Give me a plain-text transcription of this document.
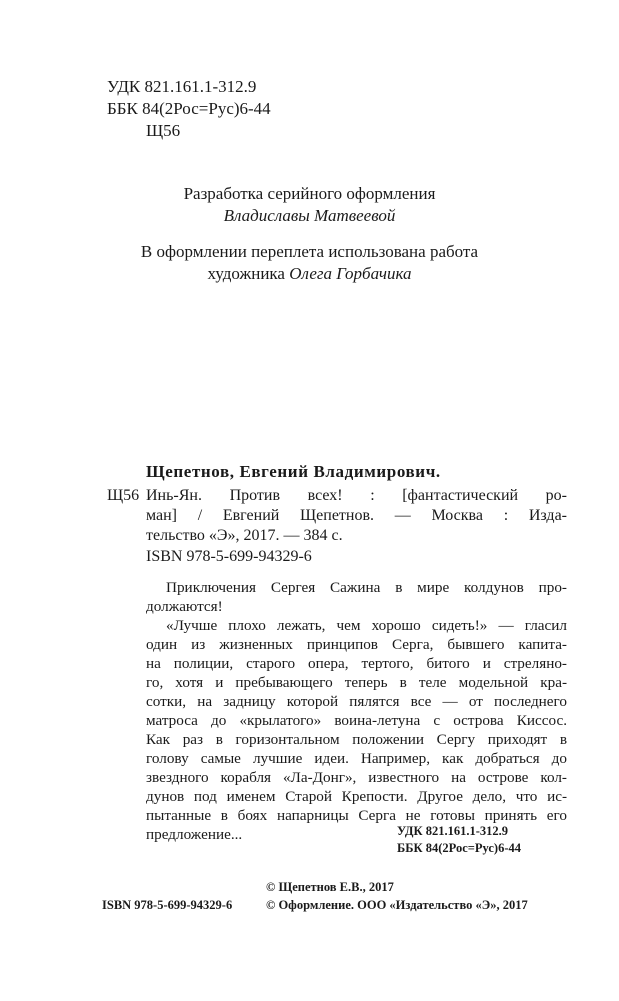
УДК 821.161.1-312.9
ББК 84(2Рос=Рус)6-44
Щ56
Разработка серийного оформления
Владиславы Матвеевой
В оформлении переплета использована работа
художника Олега Горбачика
Щепетнов, Евгений Владимирович.
Щ56 Инь-Ян. Против всех! : [фантастический ро-
ман] / Евгений Щепетнов. — Москва : Изда-
тельство «Э», 2017. — 384 с.
ISBN 978-5-699-94329-6
Приключения Сергея Сажина в мире колдунов про-
должаются!
«Лучше плохо лежать, чем хорошо сидеть!» — гласил
один из жизненных принципов Серга, бывшего капита-
на полиции, старого опера, тертого, битого и стреляно-
го, хотя и пребывающего теперь в теле модельной кра-
сотки, на задницу которой пялятся все — от последнего
матроса до «крылатого» воина-летуна с острова Киссос.
Как раз в горизонтальном положении Сергу приходят в
голову самые лучшие идеи. Например, как добраться до
звездного корабля «Ла-Донг», известного на острове кол-
дунов под именем Старой Крепости. Другое дело, что ис-
пытанные в боях напарницы Серга не готовы принять его
предложение...	УДК 821.161.1-312.9
ББК 84(2Рос=Рус)6-44
© Щепетнов Е.В., 2017
ISBN 978-5-699-94329-6	© Оформление. ООО «Издательство «Э», 2017
